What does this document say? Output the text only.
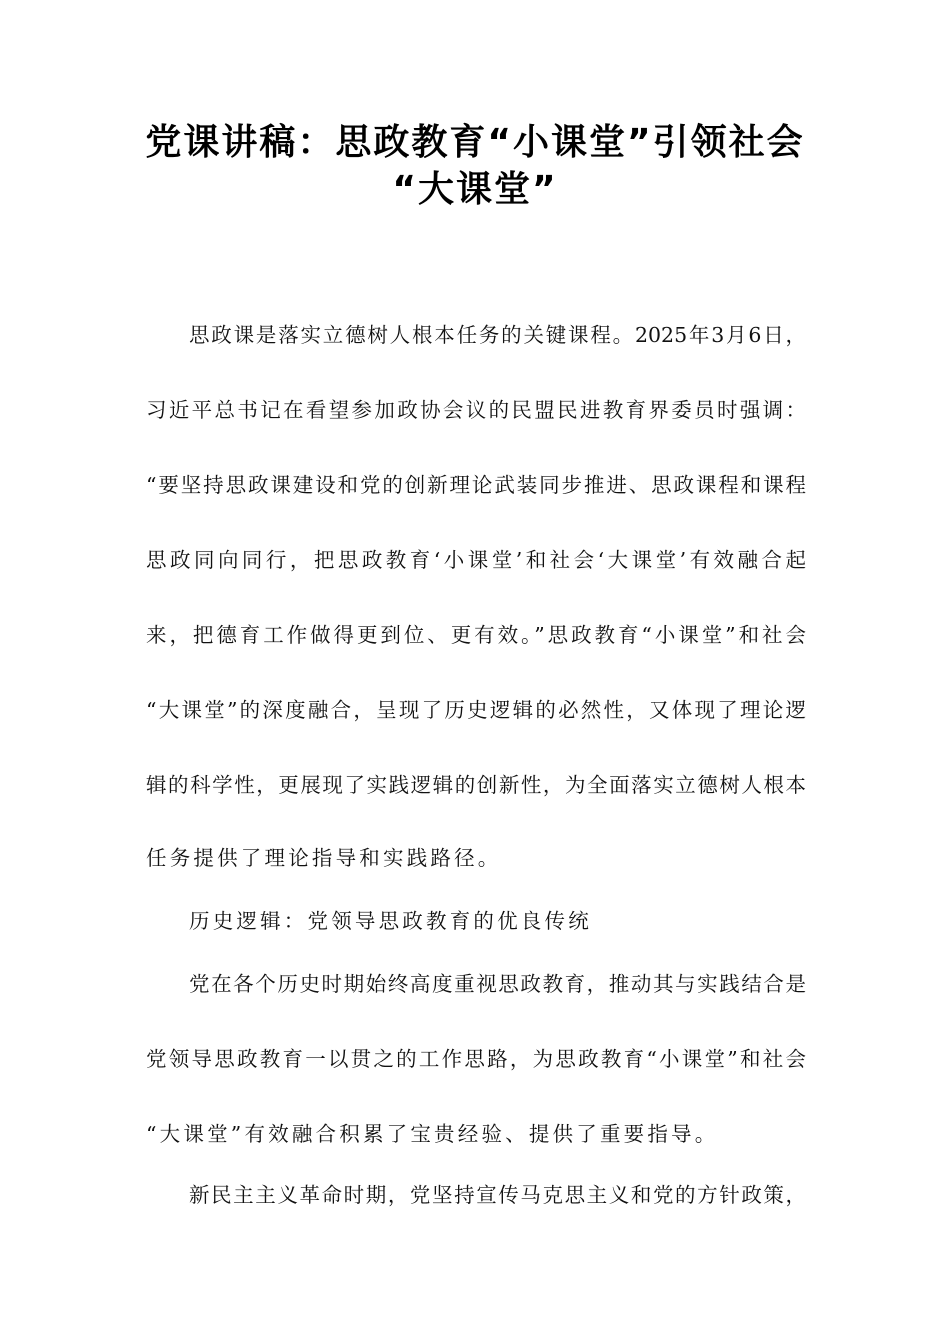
党课讲稿：思政教育“小课堂”引领社会
“大课堂”
思政课是落实立德树人根本任务的关键课程。2025年3月6日，
习近平总书记在看望参加政协会议的民盟民进教育界委员时强调：
“要坚持思政课建设和党的创新理论武装同步推进、思政课程和课程
思政同向同行，把思政教育‘小课堂’和社会‘大课堂’有效融合起
来，把德育工作做得更到位、更有效。”思政教育“小课堂”和社会
“大课堂”的深度融合，呈现了历史逻辑的必然性，又体现了理论逻
辑的科学性，更展现了实践逻辑的创新性，为全面落实立德树人根本
任务提供了理论指导和实践路径。
历史逻辑：党领导思政教育的优良传统
党在各个历史时期始终高度重视思政教育，推动其与实践结合是
党领导思政教育一以贯之的工作思路，为思政教育“小课堂”和社会
“大课堂”有效融合积累了宝贵经验、提供了重要指导。
新民主主义革命时期，党坚持宣传马克思主义和党的方针政策，
